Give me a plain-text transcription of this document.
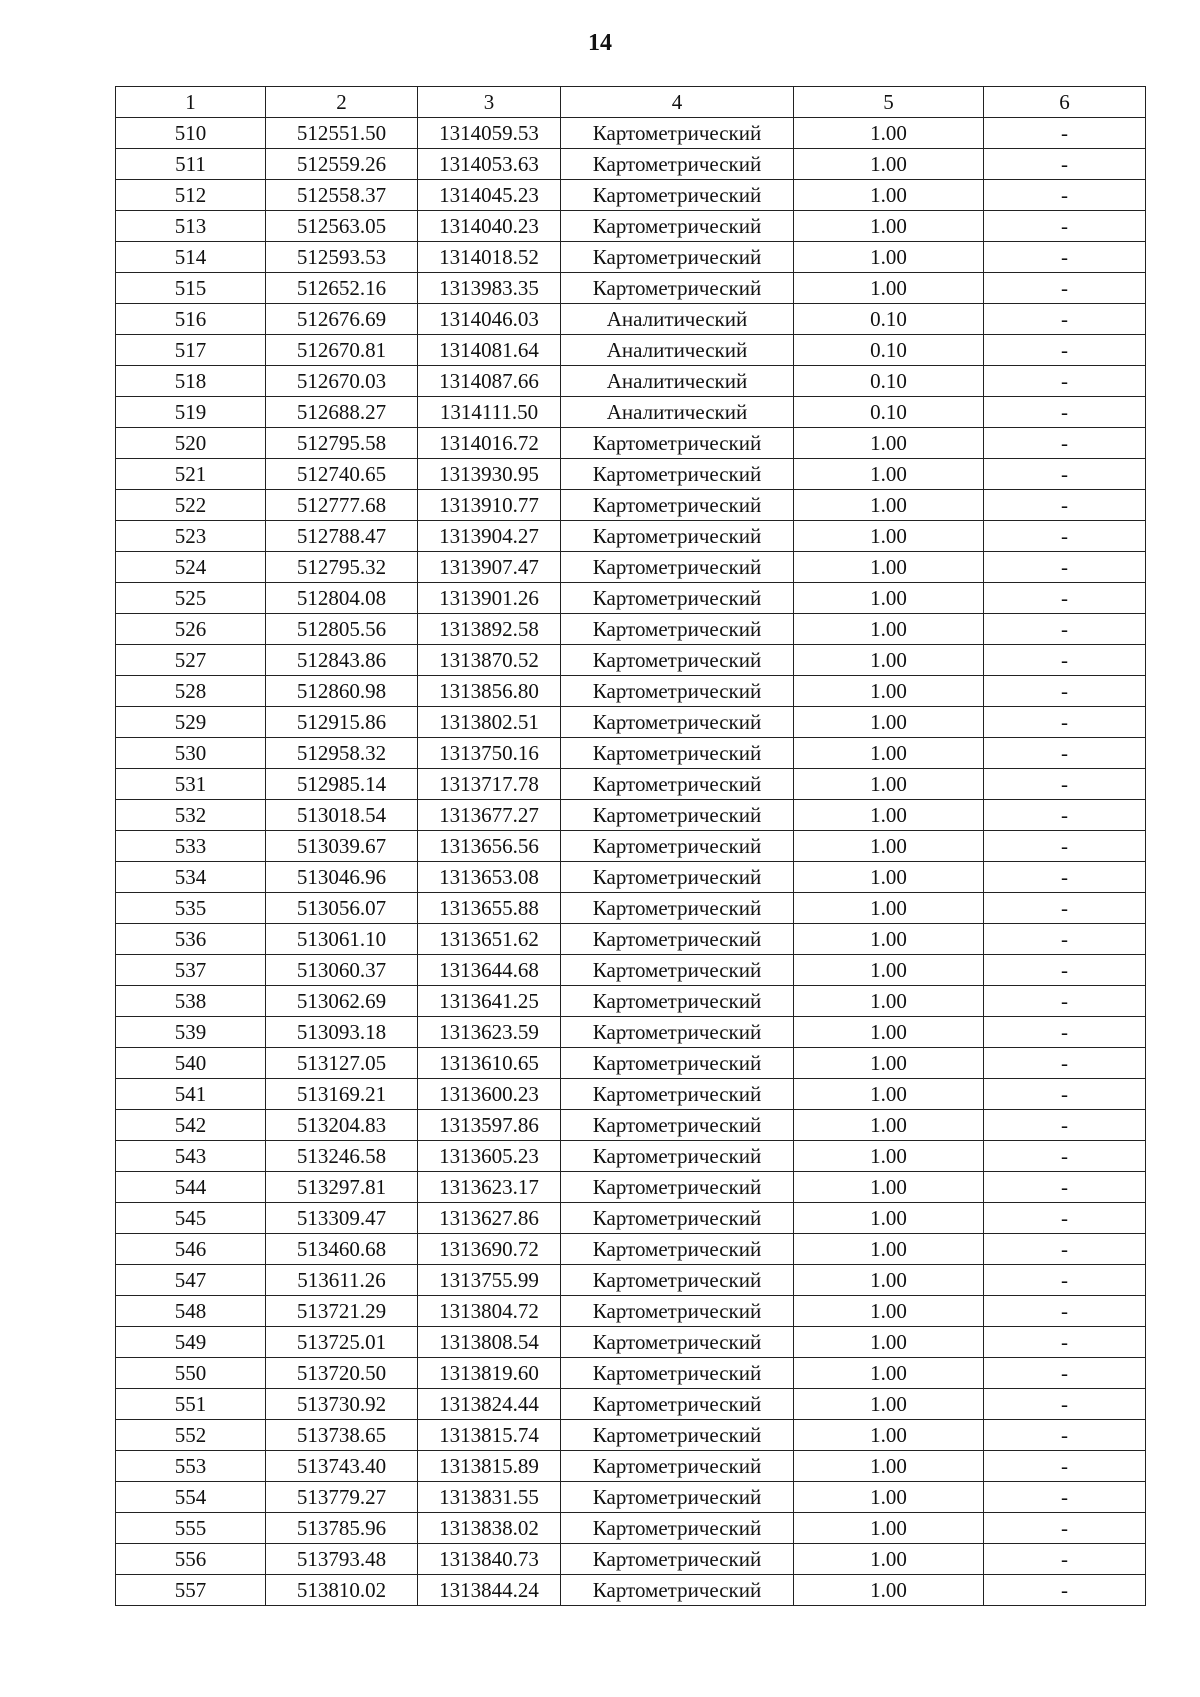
14
1	2	3	4	5	6
510	512551.50	1314059.53	Картометрический	1.00	-
511	512559.26	1314053.63	Картометрический	1.00	-
512	512558.37	1314045.23	Картометрический	1.00	-
513	512563.05	1314040.23	Картометрический	1.00	-
514	512593.53	1314018.52	Картометрический	1.00	-
515	512652.16	1313983.35	Картометрический	1.00	-
516	512676.69	1314046.03	Аналитический	0.10	-
517	512670.81	1314081.64	Аналитический	0.10	-
518	512670.03	1314087.66	Аналитический	0.10	-
519	512688.27	1314111.50	Аналитический	0.10	-
520	512795.58	1314016.72	Картометрический	1.00	-
521	512740.65	1313930.95	Картометрический	1.00	-
522	512777.68	1313910.77	Картометрический	1.00	-
523	512788.47	1313904.27	Картометрический	1.00	-
524	512795.32	1313907.47	Картометрический	1.00	-
525	512804.08	1313901.26	Картометрический	1.00	-
526	512805.56	1313892.58	Картометрический	1.00	-
527	512843.86	1313870.52	Картометрический	1.00	-
528	512860.98	1313856.80	Картометрический	1.00	-
529	512915.86	1313802.51	Картометрический	1.00	-
530	512958.32	1313750.16	Картометрический	1.00	-
531	512985.14	1313717.78	Картометрический	1.00	-
532	513018.54	1313677.27	Картометрический	1.00	-
533	513039.67	1313656.56	Картометрический	1.00	-
534	513046.96	1313653.08	Картометрический	1.00	-
535	513056.07	1313655.88	Картометрический	1.00	-
536	513061.10	1313651.62	Картометрический	1.00	-
537	513060.37	1313644.68	Картометрический	1.00	-
538	513062.69	1313641.25	Картометрический	1.00	-
539	513093.18	1313623.59	Картометрический	1.00	-
540	513127.05	1313610.65	Картометрический	1.00	-
541	513169.21	1313600.23	Картометрический	1.00	-
542	513204.83	1313597.86	Картометрический	1.00	-
543	513246.58	1313605.23	Картометрический	1.00	-
544	513297.81	1313623.17	Картометрический	1.00	-
545	513309.47	1313627.86	Картометрический	1.00	-
546	513460.68	1313690.72	Картометрический	1.00	-
547	513611.26	1313755.99	Картометрический	1.00	-
548	513721.29	1313804.72	Картометрический	1.00	-
549	513725.01	1313808.54	Картометрический	1.00	-
550	513720.50	1313819.60	Картометрический	1.00	-
551	513730.92	1313824.44	Картометрический	1.00	-
552	513738.65	1313815.74	Картометрический	1.00	-
553	513743.40	1313815.89	Картометрический	1.00	-
554	513779.27	1313831.55	Картометрический	1.00	-
555	513785.96	1313838.02	Картометрический	1.00	-
556	513793.48	1313840.73	Картометрический	1.00	-
557	513810.02	1313844.24	Картометрический	1.00	-
